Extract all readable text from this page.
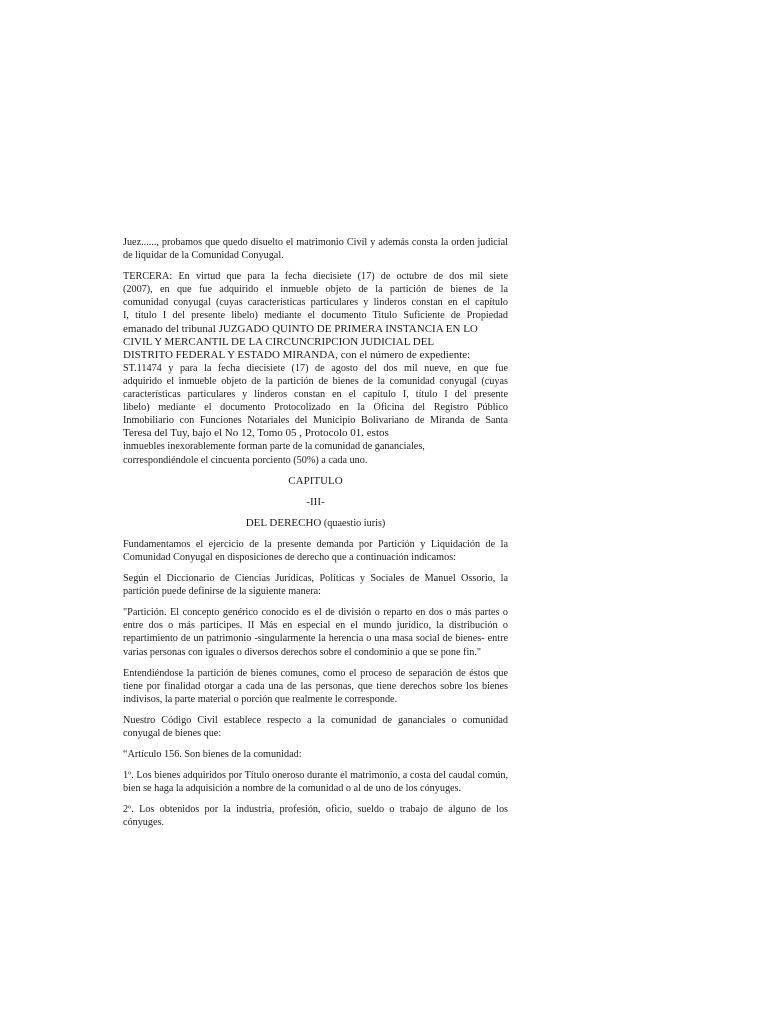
Juez......, probamos que quedo disuelto el matrimonio Civil y además consta la orden judicial de liquidar de la Comunidad Conyugal.

TERCERA: En virtud que para la fecha diecisiete (17) de octubre de dos mil siete
(2007), en que fue adquirido el inmueble objeto de la partición de bienes de la
comunidad conyugal (cuyas características particulares y linderos constan en el capítulo
I, titulo I del presente libelo) mediante el documento Titulo Suficiente de Propiedad
emanado del tribunal JUZGADO QUINTO DE PRIMERA INSTANCIA EN LO
CIVIL Y MERCANTIL DE LA CIRCUNCRIPCION JUDICIAL DEL
DISTRITO FEDERAL Y ESTADO MIRANDA, con el número de expediente:
ST.11474 y para la fecha diecisiete (17) de agosto del dos mil nueve, en que fue
adquirido el inmueble objeto de la partición de bienes de la comunidad conyugal (cuyas
características particulares y linderos constan en el capítulo I, título I del presente
libelo) mediante el documento Protocolizado en la Oficina del Registro Público
Inmobiliario con Funciones Notariales del Municipio Bolivariano de Miranda de Santa
Teresa del Tuy, bajo el No 12, Tomo 05 , Protocolo 01. estos
inmuebles inexorablemente forman parte de la comunidad de gananciales,
correspondiéndole el cincuenta porciento (50%) a cada uno.

CAPITULO

-III-

DEL DERECHO (quaestio iuris)

Fundamentamos el ejercicio de la presente demanda por Partición y Liquidación de la Comunidad Conyugal en disposiciones de derecho que a continuación indicamos:

Según el Diccionario de Ciencias Jurídicas, Políticas y Sociales de Manuel Ossorio, la partición puede definirse de la siguiente manera:

"Partición. El concepto genérico conocido es el de división o reparto en dos o más partes o entre dos o más partícipes. II Más en especial en el mundo jurídico, la distribución o repartimiento de un patrimonio -singularmente la herencia o una masa social de bienes- entre varias personas con iguales o diversos derechos sobre el condominio a que se pone fin."

Entendiéndose la partición de bienes comunes, como el proceso de separación de éstos que tiene por finalidad otorgar a cada una de las personas, que tiene derechos sobre los bienes indivisos, la parte material o porción que realmente le corresponde.

Nuestro Código Civil establece respecto a la comunidad de gananciales o comunidad conyugal de bienes que:

“Artículo 156. Son bienes de la comunidad:

1º. Los bienes adquiridos por Título oneroso durante el matrimonio, a costa del caudal común, bien se haga la adquisición a nombre de la comunidad o al de uno de los cónyuges.

2º. Los obtenidos por la industria, profesión, oficio, sueldo o trabajo de alguno de los cónyuges.
